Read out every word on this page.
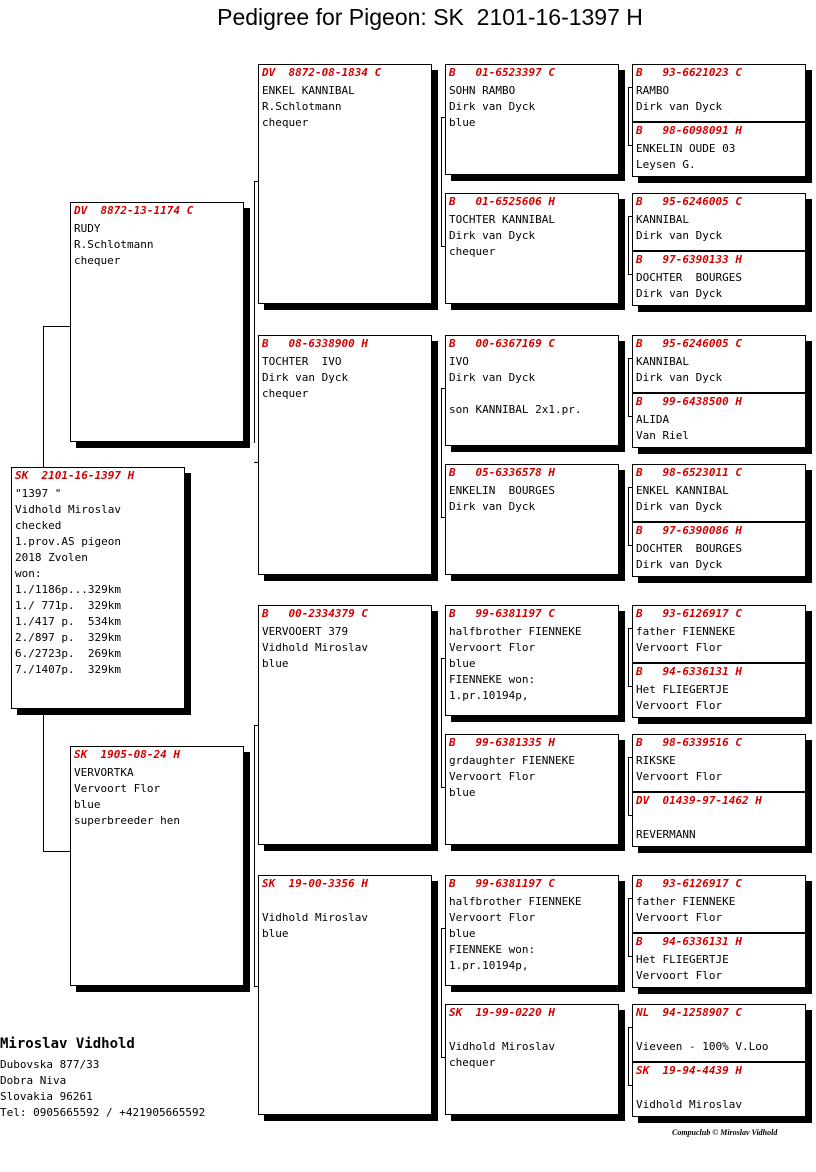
Pedigree for Pigeon: SK  2101-16-1397 H
SK  2101-16-1397 H
"1397 "
Vidhold Miroslav
checked
1.prov.AS pigeon
2018 Zvolen
won:
1./1186p...329km
1./ 771p.  329km
1./417 p.  534km
2./897 p.  329km
6./2723p.  269km
7./1407p.  329km
DV  8872-13-1174 C
RUDY
R.Schlotmann
chequer
SK  1905-08-24 H
VERVORTKA
Vervoort Flor
blue
superbreeder hen
DV  8872-08-1834 C
ENKEL KANNIBAL
R.Schlotmann
chequer
B   08-6338900 H
TOCHTER  IVO
Dirk van Dyck
chequer
B   00-2334379 C
VERVOOERT 379
Vidhold Miroslav
blue
SK  19-00-3356 H
Vidhold Miroslav
blue
B   01-6523397 C
SOHN RAMBO
Dirk van Dyck
blue
B   01-6525606 H
TOCHTER KANNIBAL
Dirk van Dyck
chequer
B   00-6367169 C
IVO
Dirk van Dyck
son KANNIBAL 2x1.pr.
B   05-6336578 H
ENKELIN  BOURGES
Dirk van Dyck
B   99-6381197 C
halfbrother FIENNEKE
Vervoort Flor
blue
FIENNEKE won:
1.pr.10194p,
B   99-6381335 H
grdaughter FIENNEKE
Vervoort Flor
blue
B   99-6381197 C
halfbrother FIENNEKE
Vervoort Flor
blue
FIENNEKE won:
1.pr.10194p,
SK  19-99-0220 H
Vidhold Miroslav
chequer
B   93-6621023 C
RAMBO
Dirk van Dyck
B   98-6098091 H
ENKELIN OUDE 03
Leysen G.
B   95-6246005 C
KANNIBAL
Dirk van Dyck
B   97-6390133 H
DOCHTER  BOURGES
Dirk van Dyck
B   95-6246005 C
KANNIBAL
Dirk van Dyck
B   99-6438500 H
ALIDA
Van Riel
B   98-6523011 C
ENKEL KANNIBAL
Dirk van Dyck
B   97-6390086 H
DOCHTER  BOURGES
Dirk van Dyck
B   93-6126917 C
father FIENNEKE
Vervoort Flor
B   94-6336131 H
Het FLIEGERTJE
Vervoort Flor
B   98-6339516 C
RIKSKE
Vervoort Flor
DV  01439-97-1462 H
REVERMANN
B   93-6126917 C
father FIENNEKE
Vervoort Flor
B   94-6336131 H
Het FLIEGERTJE
Vervoort Flor
NL  94-1258907 C
Vieveen - 100% V.Loo
SK  19-94-4439 H
Vidhold Miroslav
Miroslav Vidhold
Dubovska 877/33
Dobra Niva
Slovakia 96261
Tel: 0905665592 / +421905665592
Compuclub © Miroslav Vidhold
